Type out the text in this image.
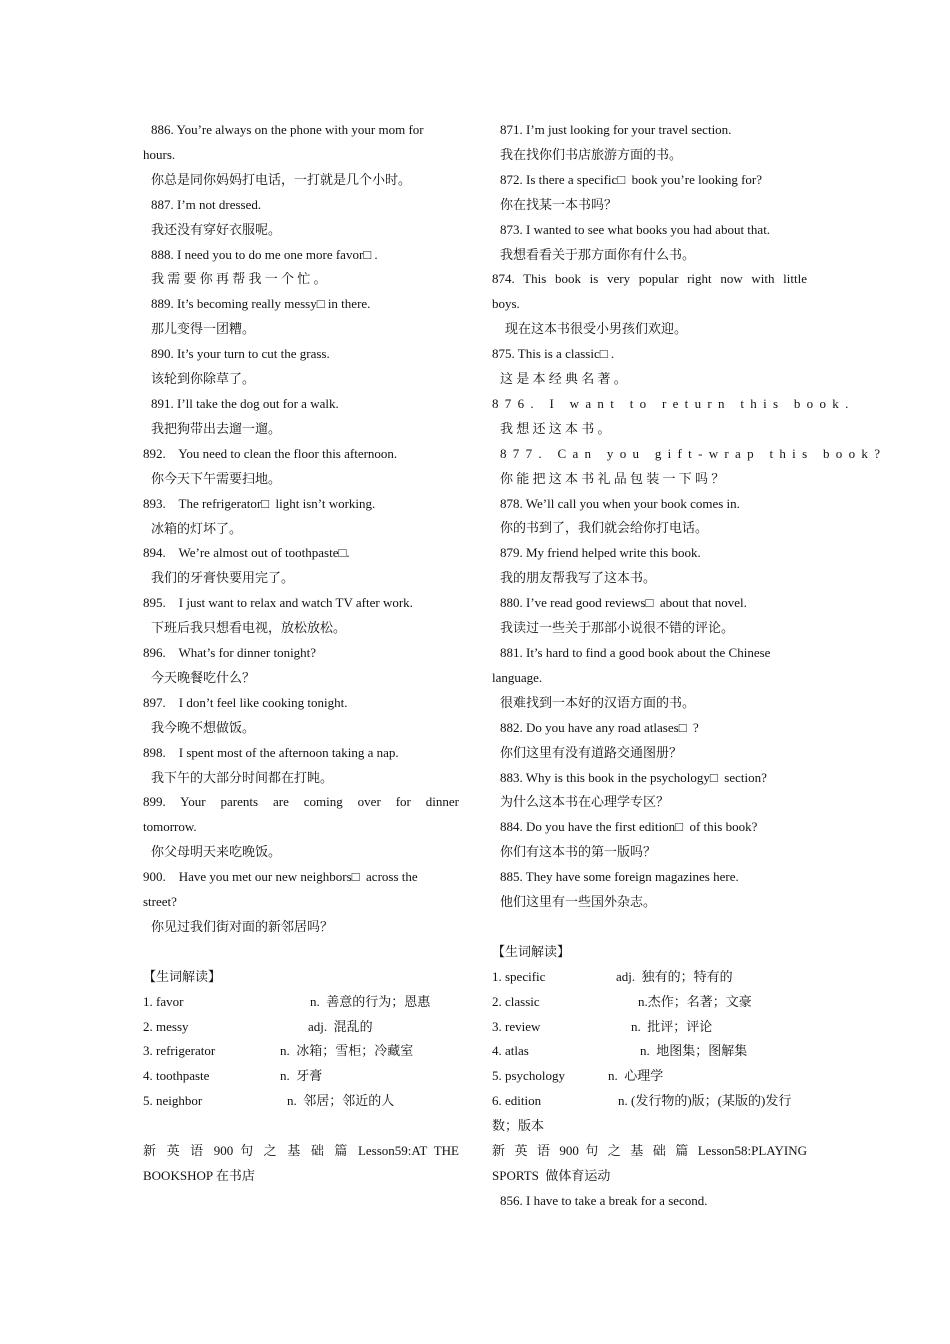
886. You’re always on the phone with your mom for
hours.
你总是同你妈妈打电话，一打就是几个小时。
887. I’m not dressed.
我还没有穿好衣服呢。
888. I need you to do me one more favor□ .
我 需 要 你 再 帮 我 一 个 忙 。
889. It’s becoming really messy□ in there.
那儿变得一团糟。
890. It’s your turn to cut the grass.
该轮到你除草了。
891. I’ll take the dog out for a walk.
我把狗带出去遛一遛。
892.    You need to clean the floor this afternoon.
你今天下午需要扫地。
893.    The refrigerator□  light isn’t working.
冰箱的灯坏了。
894.    We’re almost out of toothpaste□.
我们的牙膏快要用完了。
895.    I just want to relax and watch TV after work.
下班后我只想看电视，放松放松。
896.    What’s for dinner tonight?
今天晚餐吃什么？
897.    I don’t feel like cooking tonight.
我今晚不想做饭。
898.    I spent most of the afternoon taking a nap.
我下午的大部分时间都在打盹。
899. Your parents are coming over for dinner
tomorrow.
你父母明天来吃晚饭。
900.    Have you met our new neighbors□  across the
street?
你见过我们街对面的新邻居吗？
【生词解读】
1. favor	n.  善意的行为；恩惠
2. messy	adj.  混乱的
3. refrigerator	n.  冰箱；雪柜；冷藏室
4. toothpaste	n.  牙膏
5. neighbor	n.  邻居；邻近的人
新 英 语 900 句 之 基 础 篇 Lesson59:AT THE
BOOKSHOP 在书店
871. I’m just looking for your travel section.
我在找你们书店旅游方面的书。
872. Is there a specific□  book you’re looking for?
你在找某一本书吗？
873. I wanted to see what books you had about that.
我想看看关于那方面你有什么书。
874. This book is very popular right now with little
boys.
现在这本书很受小男孩们欢迎。
875. This is a classic□ .
这 是 本 经 典 名 著 。
876. I want to return this book.
我 想 还 这 本 书 。
877. Can you gift-wrap this book?
你 能 把 这 本 书 礼 品 包 装 一 下 吗 ？
878. We’ll call you when your book comes in.
你的书到了，我们就会给你打电话。
879. My friend helped write this book.
我的朋友帮我写了这本书。
880. I’ve read good reviews□  about that novel.
我读过一些关于那部小说很不错的评论。
881. It’s hard to find a good book about the Chinese
language.
很难找到一本好的汉语方面的书。
882. Do you have any road atlases□  ?
你们这里有没有道路交通图册？
883. Why is this book in the psychology□  section?
为什么这本书在心理学专区？
884. Do you have the first edition□  of this book?
你们有这本书的第一版吗？
885. They have some foreign magazines here.
他们这里有一些国外杂志。
【生词解读】
1. specific	adj.  独有的；特有的
2. classic	n.杰作；名著；文豪
3. review	n.  批评；评论
4. atlas	n.  地图集；图解集
5. psychology	n.  心理学
6. edition	n. (发行物的)版；(某版的)发行
数；版本
新 英 语 900 句 之 基 础 篇 Lesson58:PLAYING
SPORTS  做体育运动
856. I have to take a break for a second.
